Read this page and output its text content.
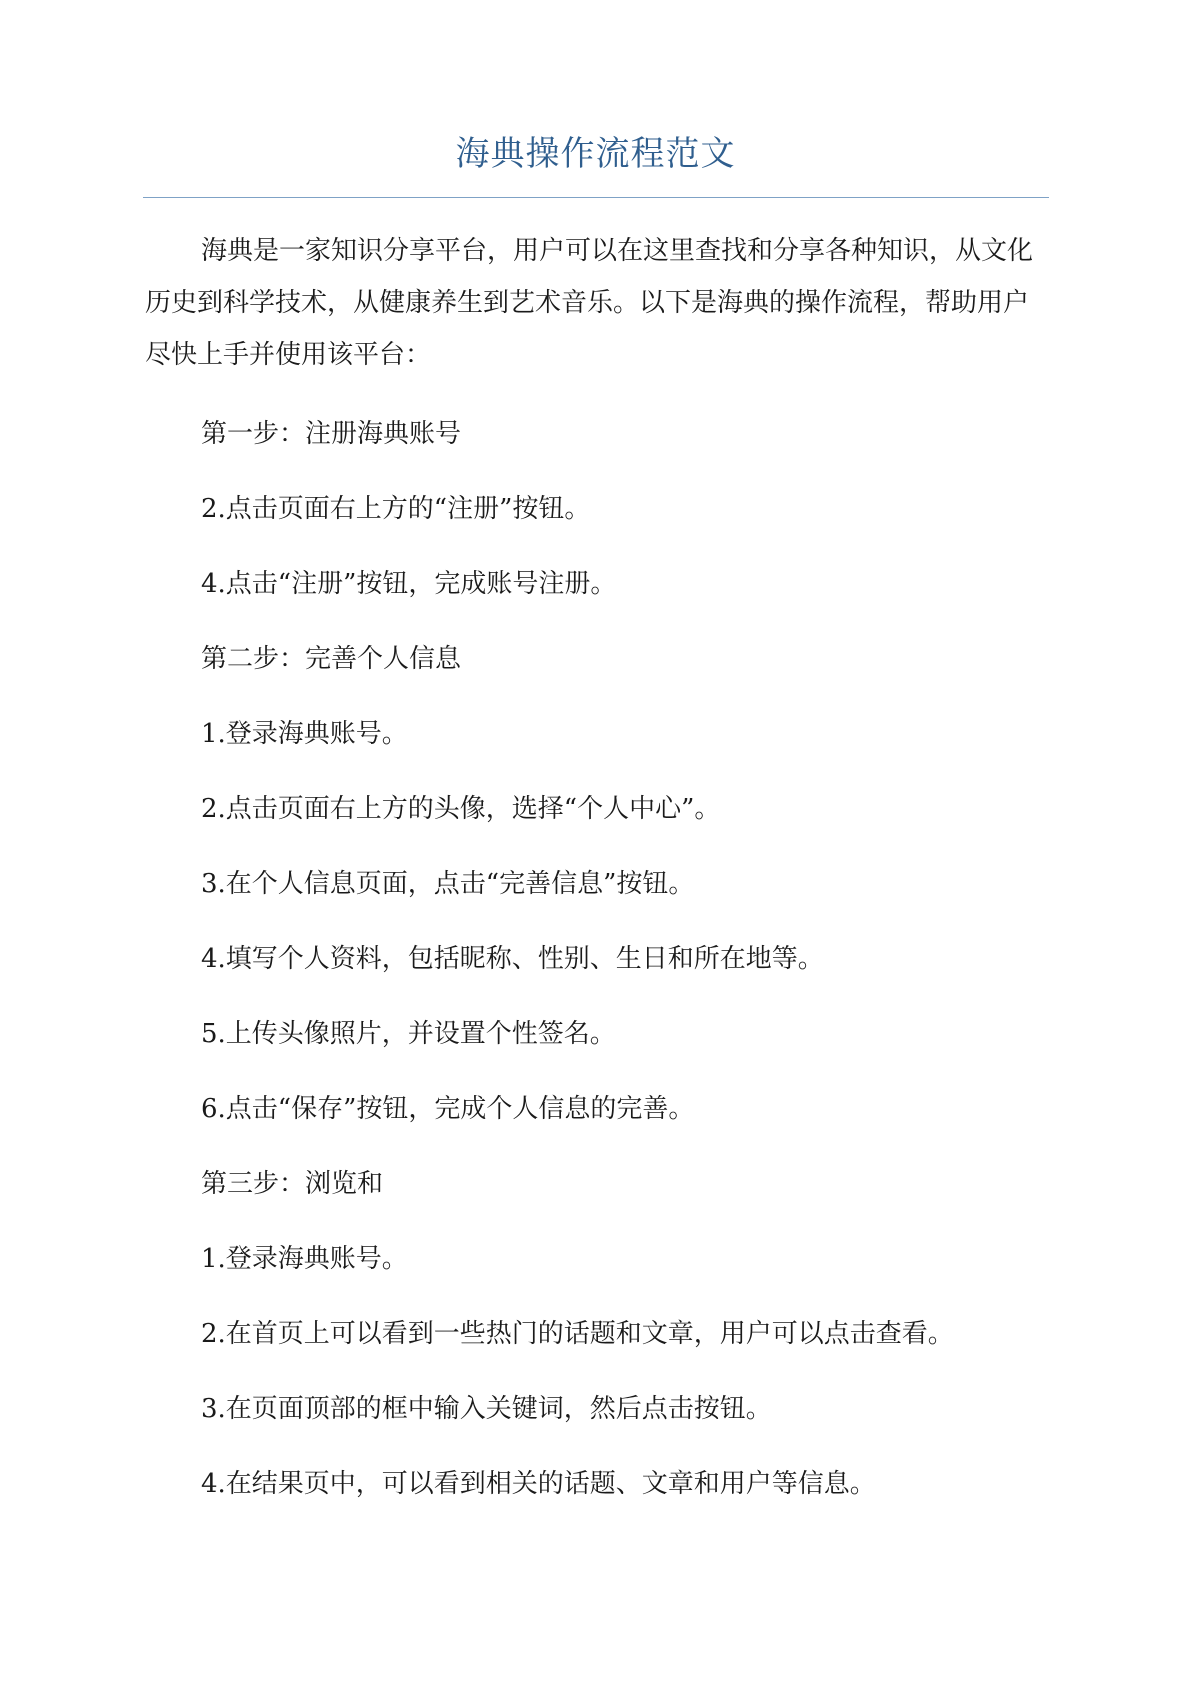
海典操作流程范文

海典是一家知识分享平台，用户可以在这里查找和分享各种知识，从文化历史到科学技术，从健康养生到艺术音乐。以下是海典的操作流程，帮助用户尽快上手并使用该平台：

第一步：注册海典账号

2.点击页面右上方的“注册”按钮。

4.点击“注册”按钮，完成账号注册。

第二步：完善个人信息

1.登录海典账号。

2.点击页面右上方的头像，选择“个人中心”。

3.在个人信息页面，点击“完善信息”按钮。

4.填写个人资料，包括昵称、性别、生日和所在地等。

5.上传头像照片，并设置个性签名。

6.点击“保存”按钮，完成个人信息的完善。

第三步：浏览和

1.登录海典账号。

2.在首页上可以看到一些热门的话题和文章，用户可以点击查看。

3.在页面顶部的框中输入关键词，然后点击按钮。

4.在结果页中，可以看到相关的话题、文章和用户等信息。
